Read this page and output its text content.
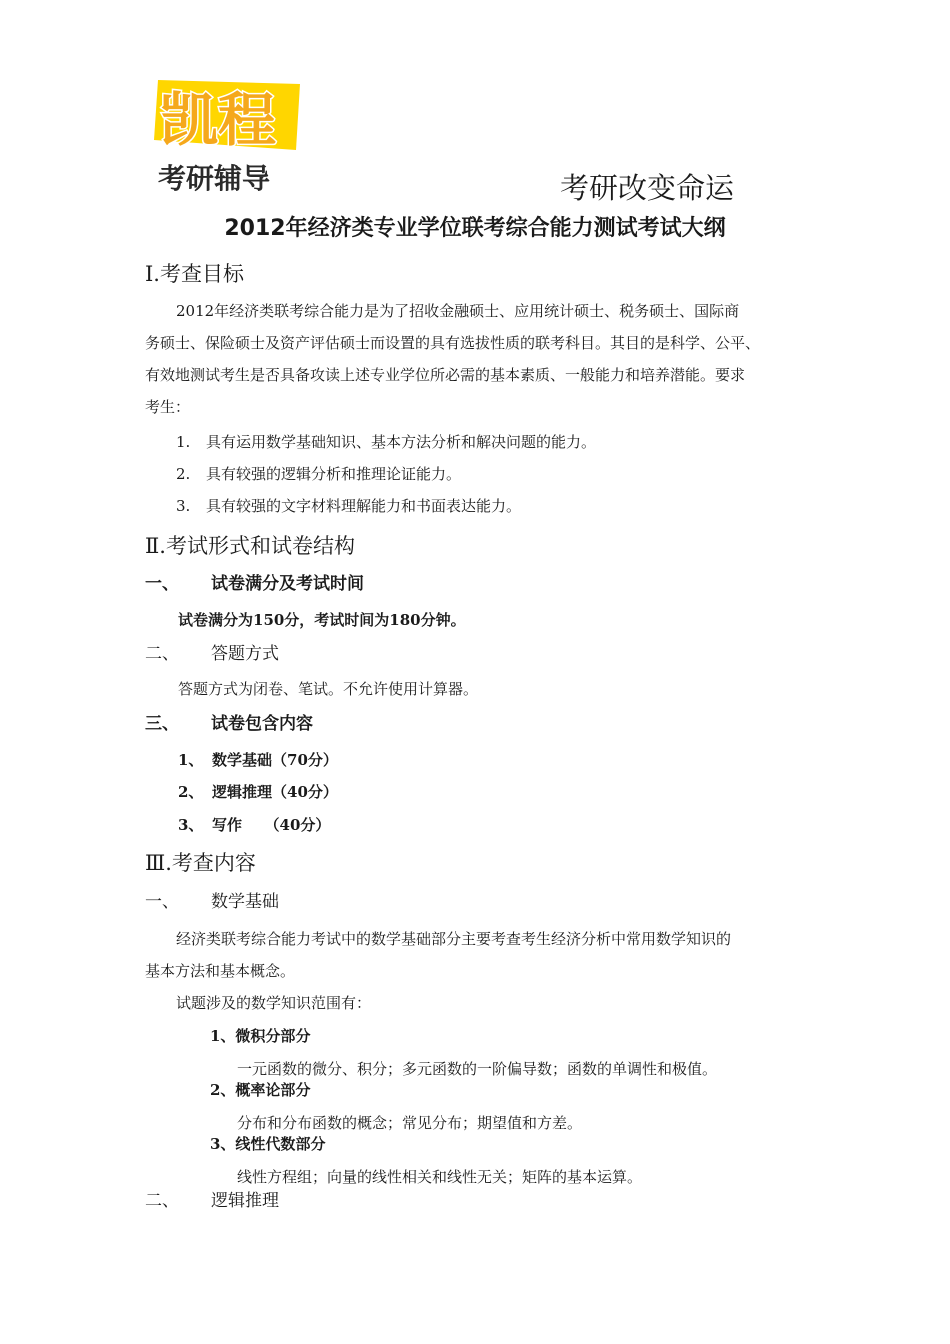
凯程
考研辅导	考研改变命运
2012年经济类专业学位联考综合能力测试考试大纲
Ⅰ.考查目标
2012年经济类联考综合能力是为了招收金融硕士、应用统计硕士、税务硕士、国际商
务硕士、保险硕士及资产评估硕士而设置的具有选拔性质的联考科目。其目的是科学、公平、
有效地测试考生是否具备攻读上述专业学位所必需的基本素质、一般能力和培养潜能。要求
考生：
1. 具有运用数学基础知识、基本方法分析和解决问题的能力。
2. 具有较强的逻辑分析和推理论证能力。
3. 具有较强的文字材料理解能力和书面表达能力。
Ⅱ.考试形式和试卷结构
一、 试卷满分及考试时间
试卷满分为150分，考试时间为180分钟。
二、 答题方式
答题方式为闭卷、笔试。不允许使用计算器。
三、 试卷包含内容
1、 数学基础（70分）
2、 逻辑推理（40分）
3、 写作　　（40分）
Ⅲ.考查内容
一、 数学基础
经济类联考综合能力考试中的数学基础部分主要考查考生经济分析中常用数学知识的
基本方法和基本概念。
试题涉及的数学知识范围有：
1、微积分部分
一元函数的微分、积分；多元函数的一阶偏导数；函数的单调性和极值。
2、概率论部分
分布和分布函数的概念；常见分布；期望值和方差。
3、线性代数部分
线性方程组；向量的线性相关和线性无关；矩阵的基本运算。
二、 逻辑推理
